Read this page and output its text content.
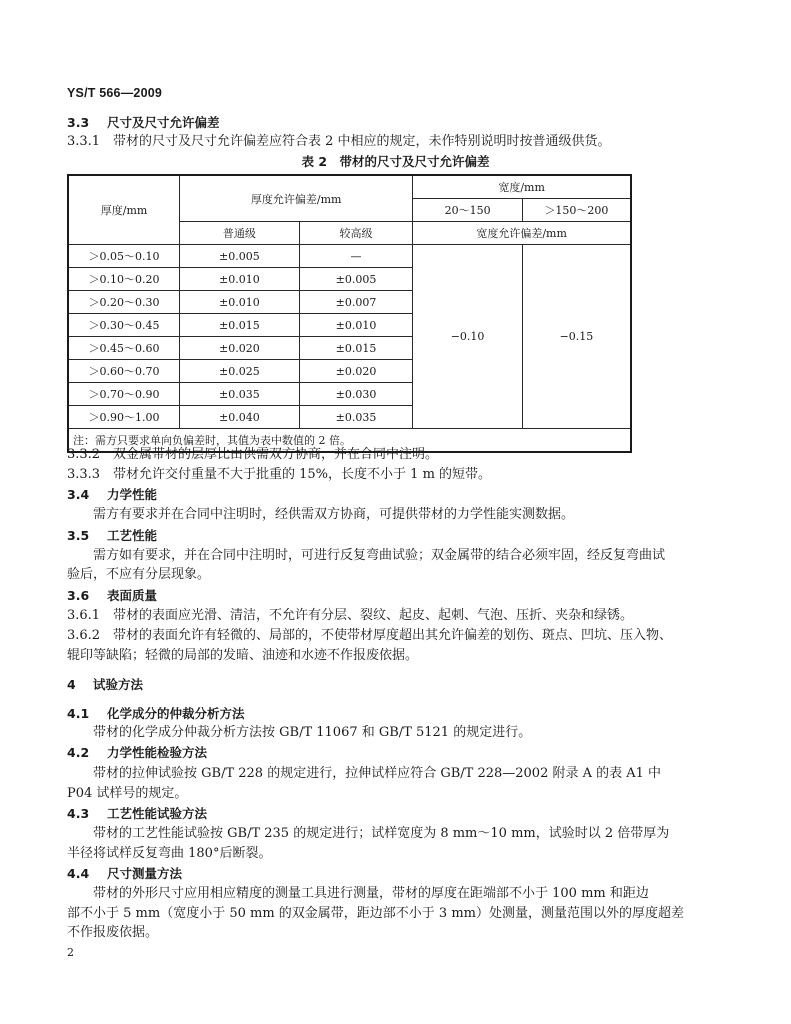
YS/T 566—2009
3.3 尺寸及尺寸允许偏差
3.3.1 带材的尺寸及尺寸允许偏差应符合表 2 中相应的规定，未作特别说明时按普通级供货。
表 2　带材的尺寸及尺寸允许偏差
厚度/mm	厚度允许偏差/mm		宽度/mm	
			20～150	＞150～200
	普通级	较高级	宽度允许偏差/mm	
＞0.05～0.10	±0.005	—	−0.10	−0.15
＞0.10～0.20	±0.010	±0.005		
＞0.20～0.30	±0.010	±0.007		
＞0.30～0.45	±0.015	±0.010		
＞0.45～0.60	±0.020	±0.015		
＞0.60～0.70	±0.025	±0.020		
＞0.70～0.90	±0.035	±0.030		
＞0.90～1.00	±0.040	±0.035		
注：需方只要求单向负偏差时，其值为表中数值的 2 倍。				
3.3.2 双金属带材的层厚比由供需双方协商，并在合同中注明。
3.3.3 带材允许交付重量不大于批重的 15%，长度不小于 1 m 的短带。
3.4 力学性能
需方有要求并在合同中注明时，经供需双方协商，可提供带材的力学性能实测数据。
3.5 工艺性能
需方如有要求，并在合同中注明时，可进行反复弯曲试验；双金属带的结合必须牢固，经反复弯曲试
验后，不应有分层现象。
3.6 表面质量
3.6.1 带材的表面应光滑、清洁，不允许有分层、裂纹、起皮、起刺、气泡、压折、夹杂和绿锈。
3.6.2 带材的表面允许有轻微的、局部的，不使带材厚度超出其允许偏差的划伤、斑点、凹坑、压入物、
辊印等缺陷；轻微的局部的发暗、油迹和水迹不作报废依据。
4 试验方法
4.1 化学成分的仲裁分析方法
带材的化学成分仲裁分析方法按 GB/T 11067 和 GB/T 5121 的规定进行。
4.2 力学性能检验方法
带材的拉伸试验按 GB/T 228 的规定进行，拉伸试样应符合 GB/T 228—2002 附录 A 的表 A1 中
P04 试样号的规定。
4.3 工艺性能试验方法
带材的工艺性能试验按 GB/T 235 的规定进行；试样宽度为 8 mm～10 mm，试验时以 2 倍带厚为
半径将试样反复弯曲 180°后断裂。
4.4 尺寸测量方法
带材的外形尺寸应用相应精度的测量工具进行测量，带材的厚度在距端部不小于 100 mm 和距边
部不小于 5 mm（宽度小于 50 mm 的双金属带，距边部不小于 3 mm）处测量，测量范围以外的厚度超差
不作报废依据。
2
